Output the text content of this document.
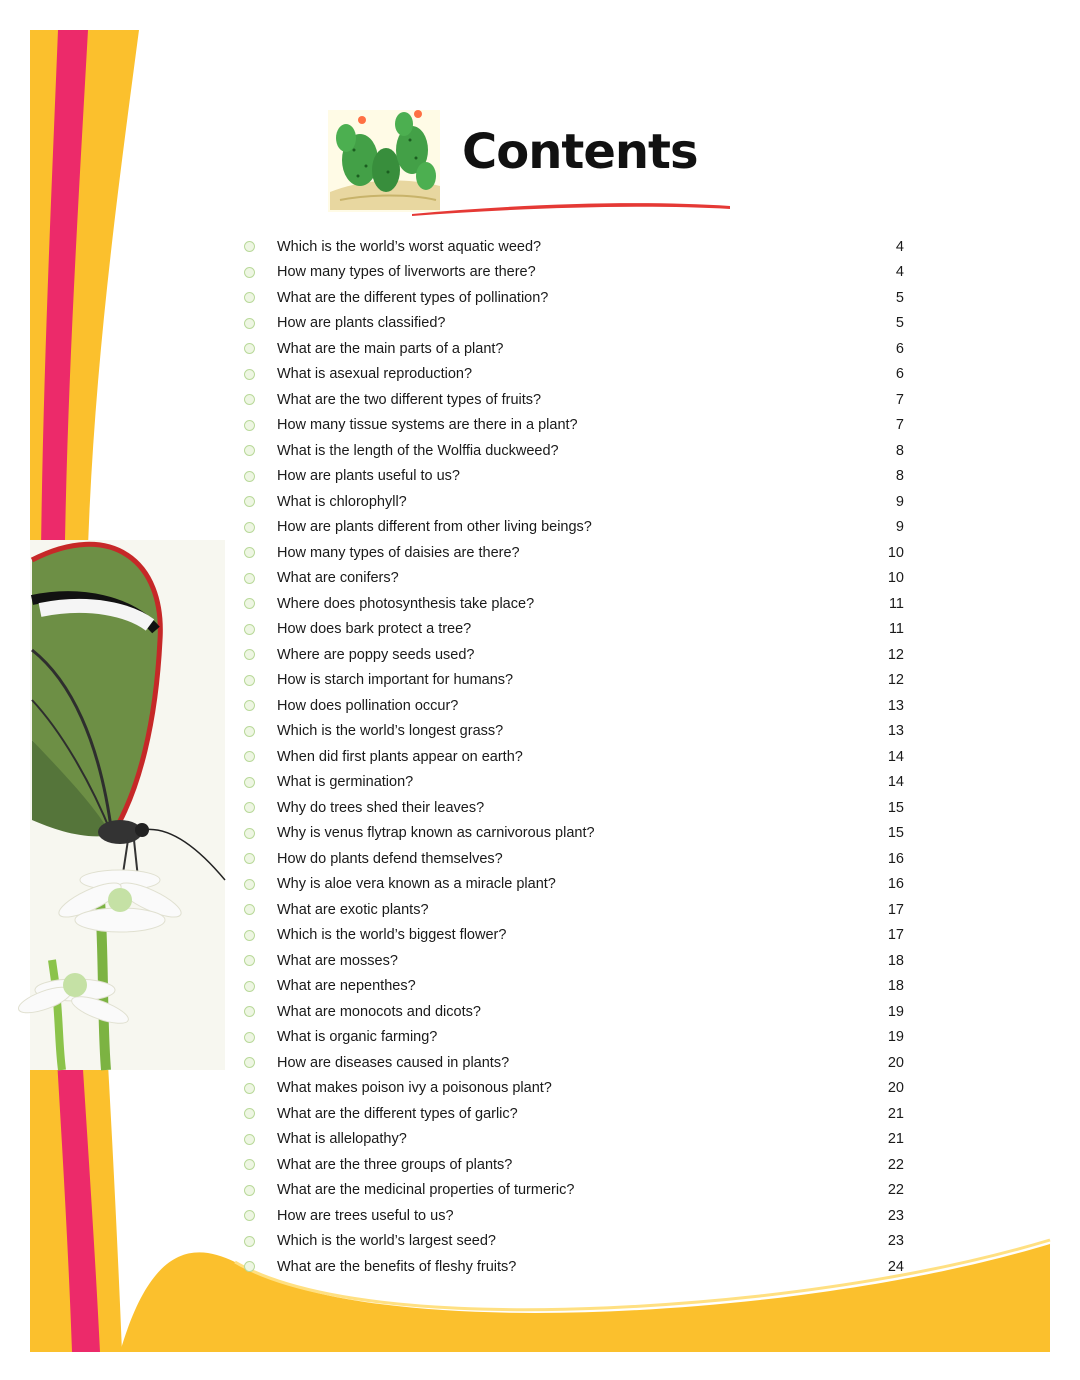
Contents
Which is the world’s worst aquatic weed?	4
How many types of liverworts are there?	4
What are the different types of pollination?	5
How are plants classified?	5
What are the main parts of a plant?	6
What is asexual reproduction?	6
What are the two different types of fruits?	7
How many tissue systems are there in a plant?	7
What is the length of the Wolffia duckweed?	8
How are plants useful to us?	8
What is chlorophyll?	9
How are plants different from other living beings?	9
How many types of daisies are there?	10
What are conifers?	10
Where does photosynthesis take place?	11
How does bark protect a tree?	11
Where are poppy seeds used?	12
How is starch important for humans?	12
How does pollination occur?	13
Which is the world’s longest grass?	13
When did first plants appear on earth?	14
What is germination?	14
Why do trees shed their leaves?	15
Why is venus flytrap known as carnivorous plant?	15
How do plants defend themselves?	16
Why is aloe vera known as a miracle plant?	16
What are exotic plants?	17
Which is the world’s biggest flower?	17
What are mosses?	18
What are nepenthes?	18
What are monocots and dicots?	19
What is organic farming?	19
How are diseases caused in plants?	20
What makes poison ivy a poisonous plant?	20
What are the different types of garlic?	21
What is allelopathy?	21
What are the three groups of plants?	22
What are the medicinal properties of turmeric?	22
How are trees useful to us?	23
Which is the world’s largest seed?	23
What are the benefits of fleshy fruits?	24
